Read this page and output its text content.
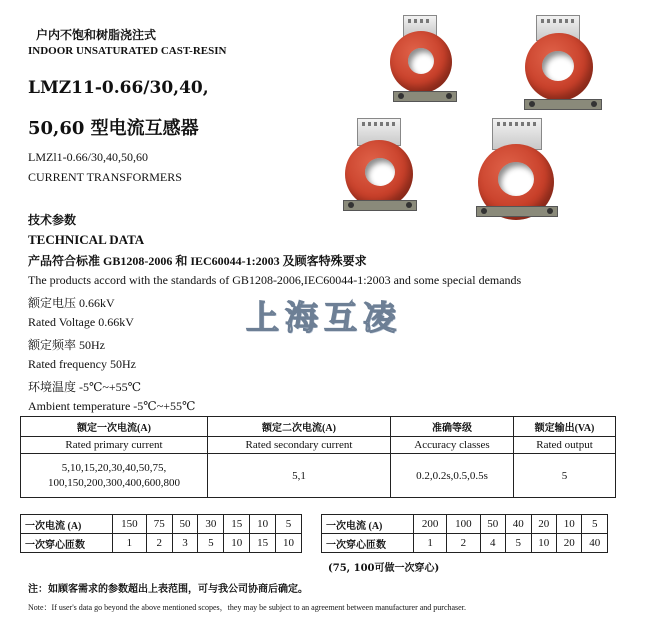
户内不饱和树脂浇注式
INDOOR UNSATURATED CAST-RESIN
LMZ11-0.66/30,40,
50,60 型电流互感器
LMZl1-0.66/30,40,50,60
CURRENT TRANSFORMERS
技术参数
TECHNICAL DATA
产品符合标准 GB1208-2006 和 IEC60044-1:2003 及顾客特殊要求
The products accord with the standards of GB1208-2006,IEC60044-1:2003 and some special demands
额定电压 0.66kV
Rated Voltage 0.66kV
额定频率 50Hz
Rated frequency 50Hz
环境温度 -5℃~+55℃
Ambient temperature -5℃~+55℃
上海互凌
额定一次电流(A)	额定二次电流(A)	准确等级	额定输出(VA)
Rated primary current	Rated secondary current	Accuracy classes	Rated output

5,10,15,20,30,40,50,75,
100,150,200,300,400,600,800	5,1	0.2,0.2s,0.5,0.5s	5
一次电流 (A)	150	75	50	30	15	10	5
一次穿心匝数	1	2	3	5	10	15	10
一次电流 (A)	200	100	50	40	20	10	5
一次穿心匝数	1	2	4	5	10	20	40
(75, 100可做一次穿心)
注：如顾客需求的参数超出上表范围，可与我公司协商后确定。
Note：If user's data go beyond the above mentioned scopes，they may be subject to an agreement between manufacturer and purchaser.
